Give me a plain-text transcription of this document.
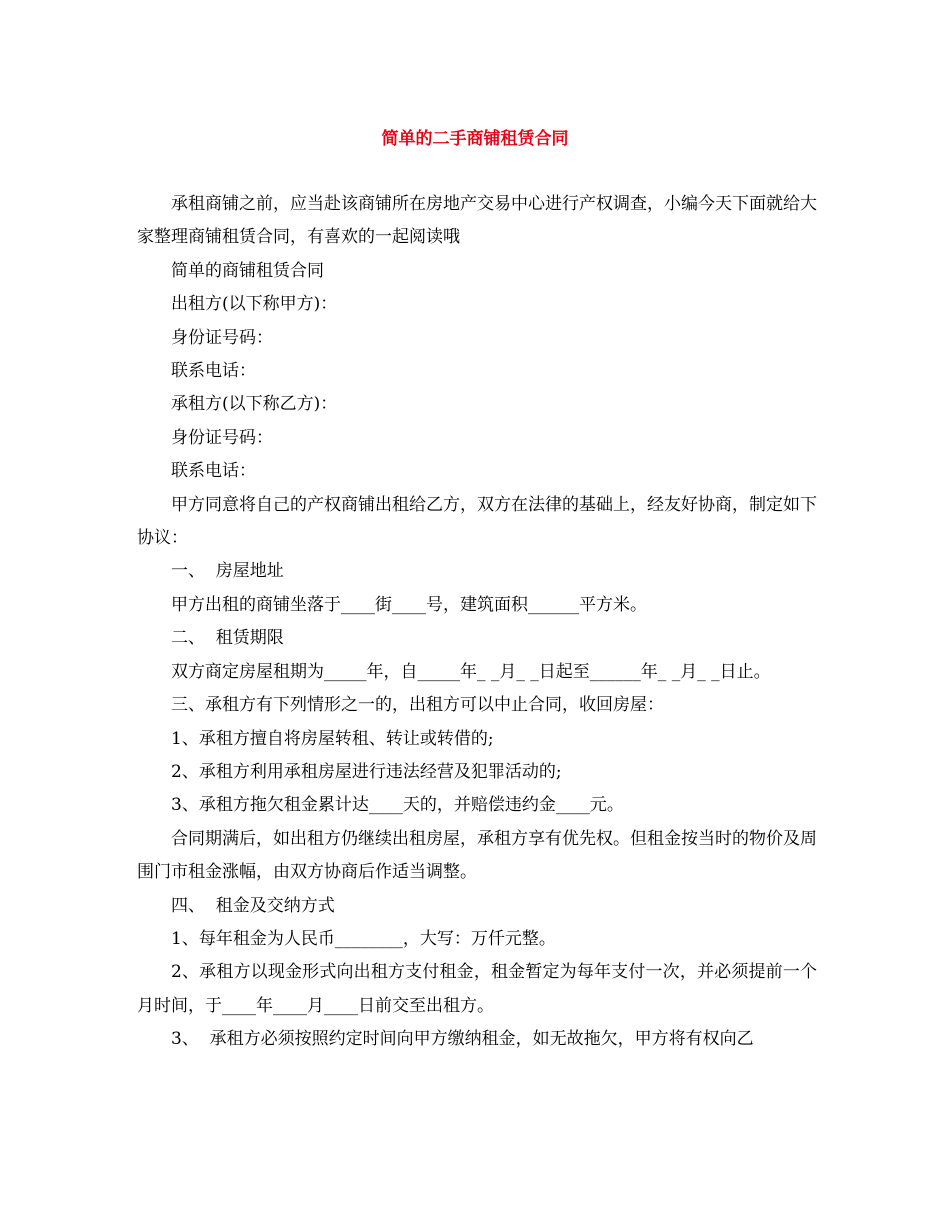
简单的二手商铺租赁合同

承租商铺之前，应当赴该商铺所在房地产交易中心进行产权调查，小编今天下面就给大家整理商铺租赁合同，有喜欢的一起阅读哦

简单的商铺租赁合同

出租方(以下称甲方)：

身份证号码：

联系电话：

承租方(以下称乙方)：

身份证号码：

联系电话：

甲方同意将自己的产权商铺出租给乙方，双方在法律的基础上，经友好协商，制定如下协议：

一、  房屋地址

甲方出租的商铺坐落于____街____号，建筑面积______平方米。

二、  租赁期限

双方商定房屋租期为_____年，自_____年_ _月_ _日起至______年_ _月_ _日止。

三、承租方有下列情形之一的，出租方可以中止合同，收回房屋：

1、承租方擅自将房屋转租、转让或转借的;

2、承租方利用承租房屋进行违法经营及犯罪活动的;

3、承租方拖欠租金累计达____天的，并赔偿违约金____元。

合同期满后，如出租方仍继续出租房屋，承租方享有优先权。但租金按当时的物价及周围门市租金涨幅，由双方协商后作适当调整。

四、  租金及交纳方式

1、每年租金为人民币________，大写：万仟元整。

2、承租方以现金形式向出租方支付租金，租金暂定为每年支付一次，并必须提前一个月时间，于____年____月____日前交至出租方。

3、  承租方必须按照约定时间向甲方缴纳租金，如无故拖欠，甲方将有权向乙
